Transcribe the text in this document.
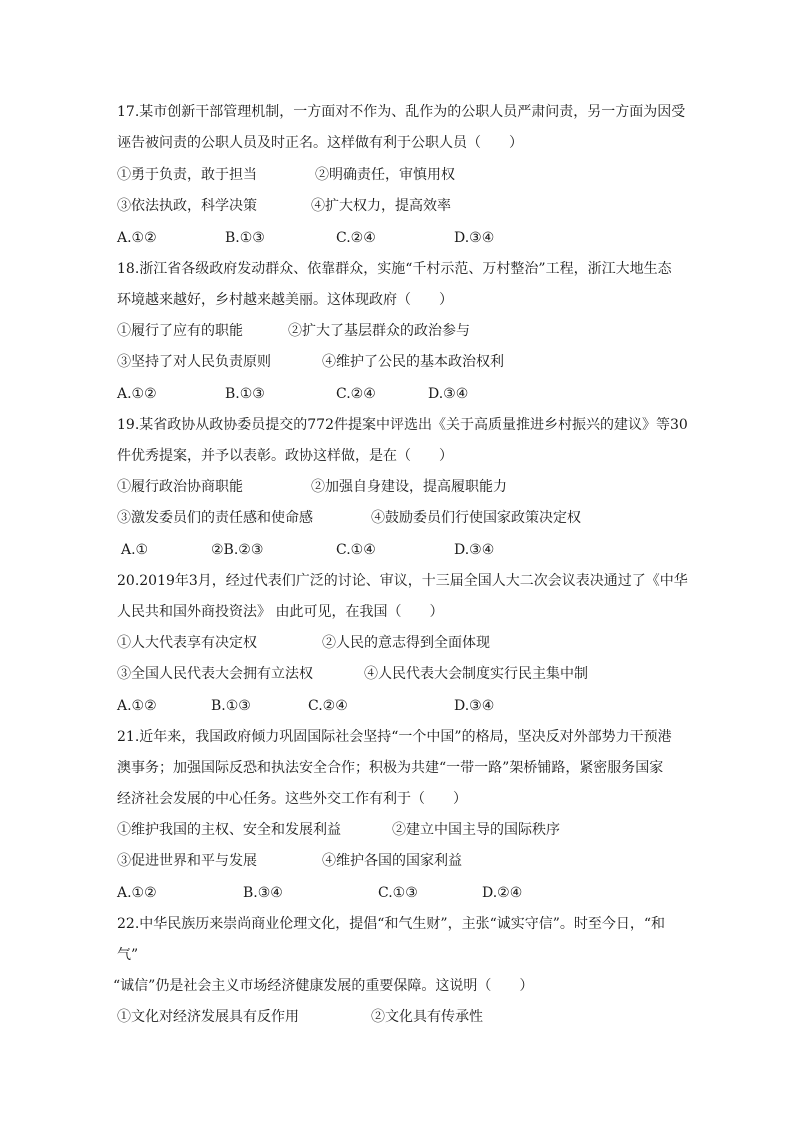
17.某市创新干部管理机制，一方面对不作为、乱作为的公职人员严肃问责，另一方面为因受
诬告被问责的公职人员及时正名。这样做有利于公职人员（　　）
①勇于负责，敢于担当	②明确责任，审慎用权
③依法执政，科学决策	④扩大权力，提高效率
A.①②	B.①③	C.②④	D.③④
18.浙江省各级政府发动群众、依靠群众，实施“千村示范、万村整治”工程，浙江大地生态
环境越来越好，乡村越来越美丽。这体现政府（　　）
①履行了应有的职能	②扩大了基层群众的政治参与
③坚持了对人民负责原则	④维护了公民的基本政治权利
A.①②	B.①③	C.②④	D.③④
19.某省政协从政协委员提交的772件提案中评选出《关于高质量推进乡村振兴的建议》等30
件优秀提案，并予以表彰。政协这样做，是在（　　）
①履行政治协商职能	②加强自身建设，提高履职能力
③激发委员们的责任感和使命感	④鼓励委员们行使国家政策决定权
A.①	②B.②③	C.①④	D.③④
20.2019年3月，经过代表们广泛的讨论、审议，十三届全国人大二次会议表决通过了《中华
人民共和国外商投资法》 由此可见，在我国（　　）
①人大代表享有决定权	②人民的意志得到全面体现
③全国人民代表大会拥有立法权	④人民代表大会制度实行民主集中制
A.①②	B.①③	C.②④	D.③④
21.近年来，我国政府倾力巩固国际社会坚持“一个中国”的格局，坚决反对外部势力干预港
澳事务；加强国际反恐和执法安全合作；积极为共建“一带一路”架桥铺路，紧密服务国家
经济社会发展的中心任务。这些外交工作有利于（　　）
①维护我国的主权、安全和发展利益	②建立中国主导的国际秩序
③促进世界和平与发展	④维护各国的国家利益
A.①②	B.③④	C.①③	D.②④
22.中华民族历来崇尚商业伦理文化，提倡“和气生财”，主张“诚实守信”。时至今日，“和
气”
“诚信”仍是社会主义市场经济健康发展的重要保障。这说明（　　）
①文化对经济发展具有反作用	②文化具有传承性
